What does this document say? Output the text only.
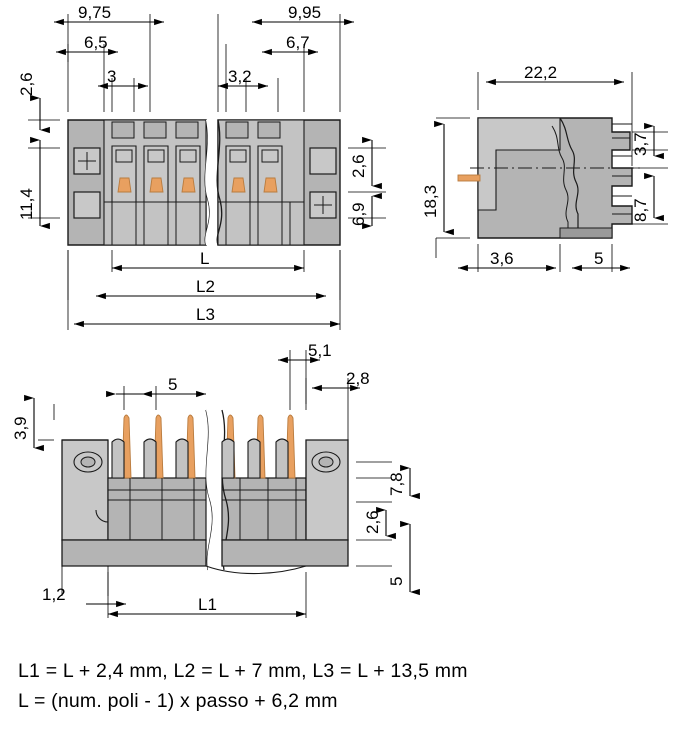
9,75
6,5
3
9,95
6,7
3,2
2,6
11,4
2,6
6,9
L
L2
L3
22,2
18,3
3,7
8,7
3,6	5
3,9
5
5,1
2,8
7,8
2,6
5
1,2
L1
L1 = L + 2,4 mm, L2 = L + 7 mm, L3 = L + 13,5 mm
L = (num. poli - 1) x passo + 6,2 mm
